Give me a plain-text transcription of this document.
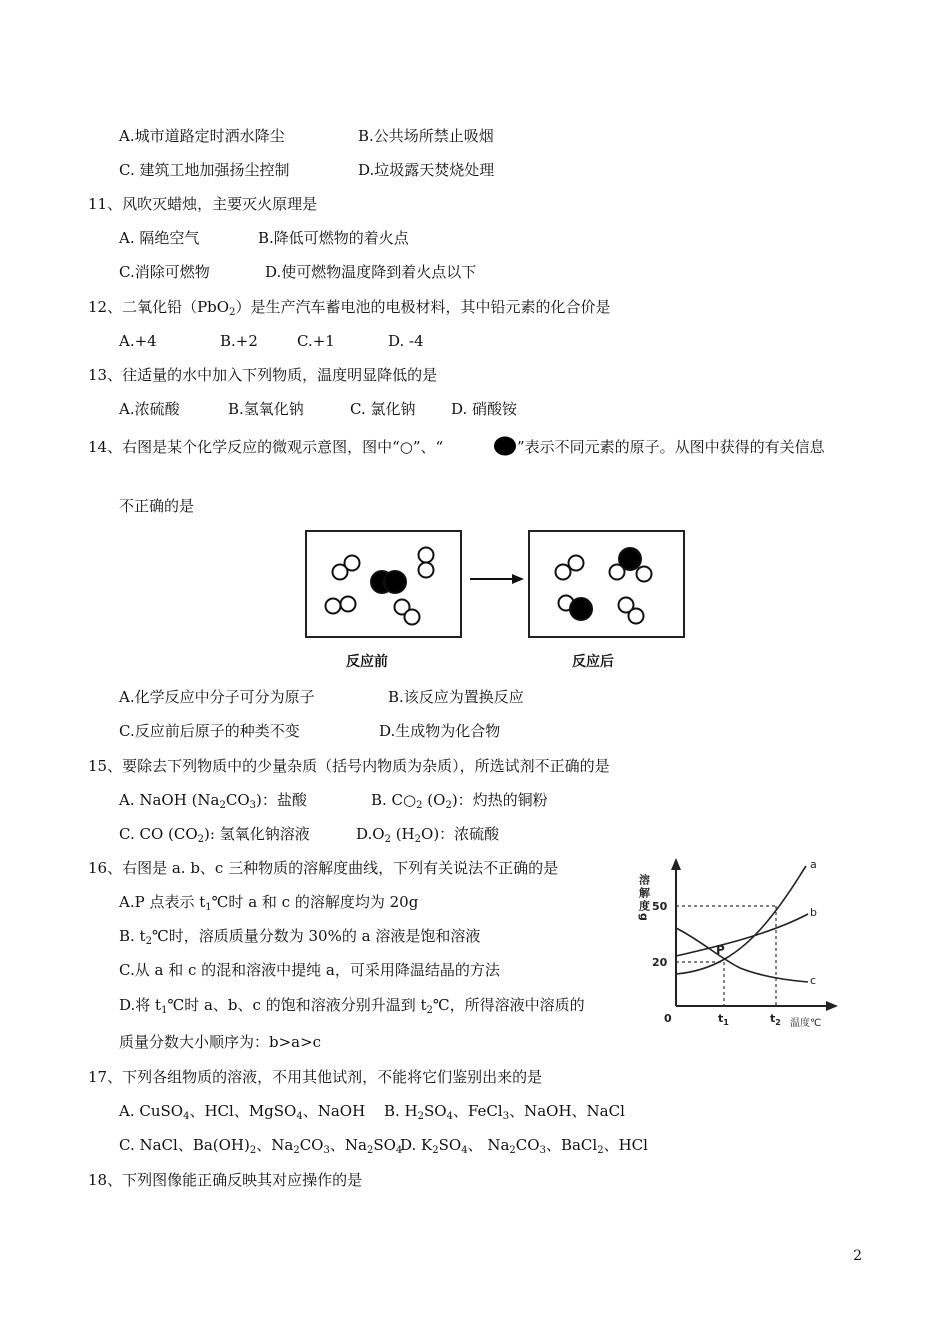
A.城市道路定时洒水降尘	B.公共场所禁止吸烟
C. 建筑工地加强扬尘控制	D.垃圾露天焚烧处理
11、风吹灭蜡烛，主要灭火原理是
A. 隔绝空气	B.降低可燃物的着火点
C.消除可燃物	D.使可燃物温度降到着火点以下
12、二氧化铅（PbO$_2$）是生产汽车蓄电池的电极材料，其中铅元素的化合价是
A.+4	B.+2	C.+1	D. -4
13、往适量的水中加入下列物质，温度明显降低的是
A.浓硫酸	B.氢氧化钠	C. 氯化钠 D. 硝酸铵
14、右图是某个化学反应的微观示意图，图中“○”、“	”表示不同元素的原子。从图中获得的有关信息
不正确的是
反应前	反应后
A.化学反应中分子可分为原子	B.该反应为置换反应
C.反应前后原子的种类不变	D.生成物为化合物
15、要除去下列物质中的少量杂质（括号内物质为杂质），所选试剂不正确的是
A. NaOH $(Na_2CO_3)$：盐酸	B. $C○_2$ $(O_2)$：灼热的铜粉
C. CO $(CO_2)$: 氢氧化钠溶液	$D.O_2$ $(H_2O)$：浓硫酸
16、右图是 a. b、c 三种物质的溶解度曲线，下列有关说法不正确的是
A.P 点表示 $t_1℃$时 a 和 c 的溶解度均为 20g
B. $t_2℃$时，溶质质量分数为 30%的 a 溶液是饱和溶液
C.从 a 和 c 的混和溶液中提纯 a，可采用降温结晶的方法
D.将 $t_1℃$时 a、b、c 的饱和溶液分别升温到 $t_2℃$，所得溶液中溶质的
质量分数大小顺序为：b>a>c
溶解度g 50
20
0	$t_1$	$t_2$ 温度℃
P
a
b
c
17、下列各组物质的溶液，不用其他试剂，不能将它们鉴别出来的是
A. CuSO$_4$、HCl、MgSO$_4$、NaOH B. $H_2SO_4$、FeCl$_3$、NaOH、NaCl
C. NaCl、$Ba(OH)_2$、$Na_2CO_3$、$Na_2SO_4$
D. $K_2SO_4$、 $Na_2CO_3$、BaCl$_2$、HCl
18、下列图像能正确反映其对应操作的是
2
